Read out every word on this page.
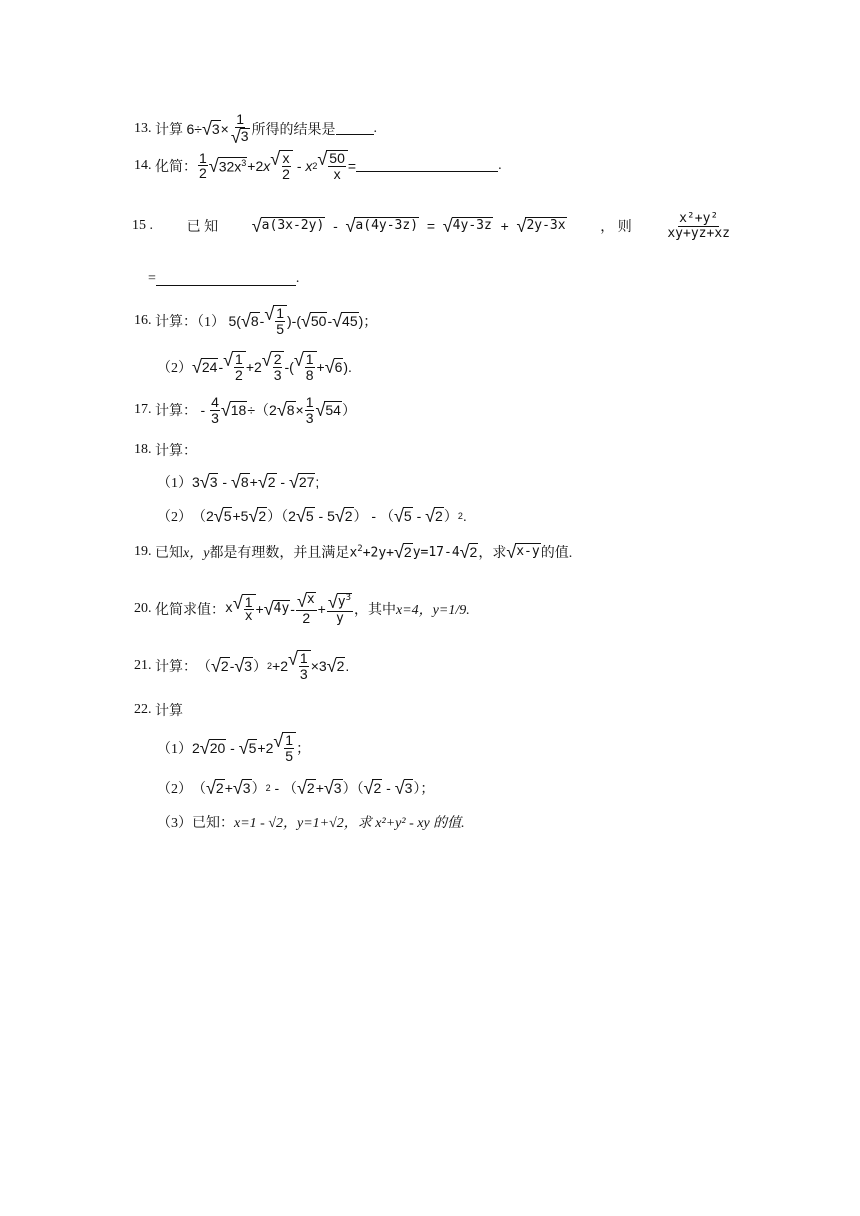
13.
计算
6÷ √ $3 \times \frac{1}{√ 3}$ 所得的结果是	.
14.
化简： $\frac{1}{2}$ √ $32x^3 +2$ x √ $\frac{x}{2}$ - x 2 √ $\frac{50}{x}$ =	.
15 . 已 知 √ a(3x-2y) - √ a(4y-3z) = √ 4y-3z + √ 2y-3x ， 则	$\frac{\text{x²+y²}}{xy+yz+xz}$
=	.
16.
计算：（1）
5( √ 8 - √ $\frac{1}{5}$ )-( √ 50 - √ 45 )；
（2） √ 24 - √ $\frac{1}{2} +2$ √ $\frac{2}{3}$ -( √ $\frac{1}{8}$ + √ 6 ).
17.
计算：
- $\frac{4}{3}$ √ 18 ÷（2 √ $8 \times \frac{1}{3}$ √ 54 ）
18.
计算：
（1） 3 √ 3 - √ 8 + √ 2 - √ 27 ;
（2） （2 √ 5 +5 √ 2 ）（2 √ 5 - 5 √ 2 ） - （ √ 5 - √ 2 ） 2 .
19.
已知 x，y 都是有理数，并且满足 $x^2+2y+$ √ 2 y=17-4 √ 2 ，求 √ x-y 的值.
20.
化简求值： x √ $\frac{1}{x}$ + √ $4y - \frac{√ x}{2} + \frac{√ y^3}{y}$ ，其中 x=4，y=1/9.
21.
计算： （ √ 2 - √ 3 ） 2 +2 √ $\frac{1}{3} \times 3$ √ 2 .
22.
计算
（1） 2 √ 20 - √ 5 +2 √ $\frac{1}{5}$ ；
（2） （ √ 2 + √ 3 ） 2 - （ √ 2 + √ 3 ）（ √ 2 - √ 3 ）；
（3） 已知： x=1 - √2，y=1+√2，求 x²+y² - xy 的值.
